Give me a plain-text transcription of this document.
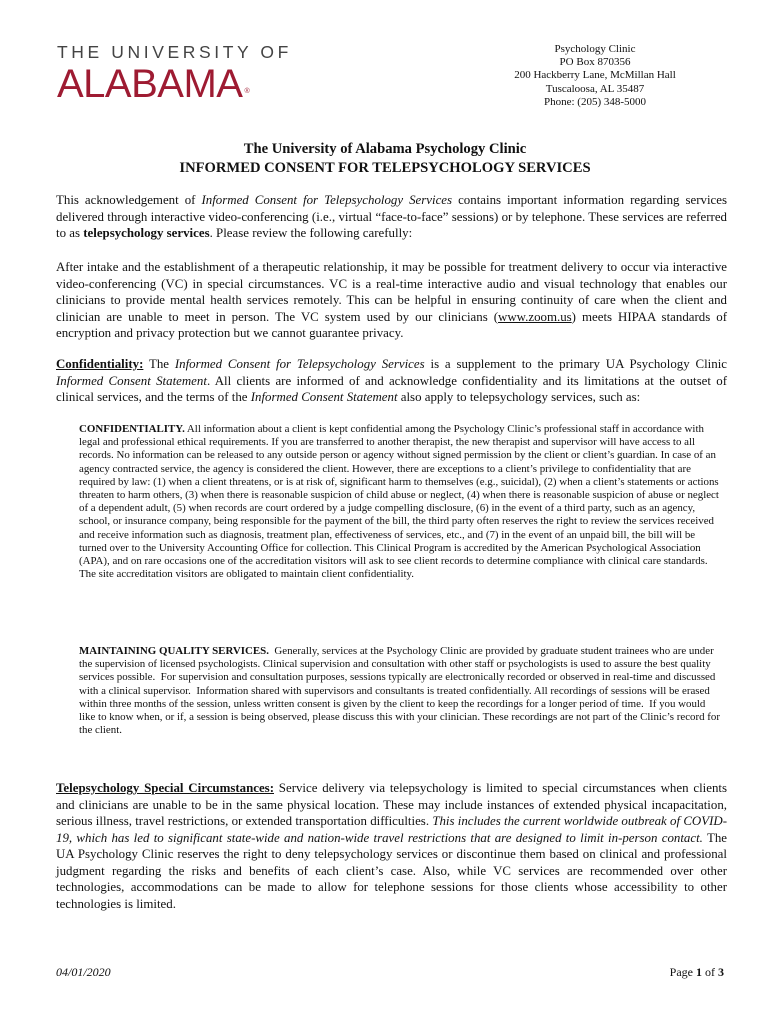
THE UNIVERSITY OF
ALABAMA ®
Psychology Clinic
PO Box 870356
200 Hackberry Lane, McMillan Hall
Tuscaloosa, AL 35487
Phone: (205) 348-5000
The University of Alabama Psychology Clinic
INFORMED CONSENT FOR TELEPSYCHOLOGY SERVICES
This acknowledgement of Informed Consent for Telepsychology Services contains important information regarding services delivered through interactive video-conferencing (i.e., virtual “face-to-face” sessions) or by telephone. These services are referred to as telepsychology services. Please review the following carefully:
After intake and the establishment of a therapeutic relationship, it may be possible for treatment delivery to occur via interactive video-conferencing (VC) in special circumstances. VC is a real-time interactive audio and visual technology that enables our clinicians to provide mental health services remotely. This can be helpful in ensuring continuity of care when the client and clinician are unable to meet in person. The VC system used by our clinicians (www.zoom.us) meets HIPAA standards of encryption and privacy protection but we cannot guarantee privacy.
Confidentiality: The Informed Consent for Telepsychology Services is a supplement to the primary UA Psychology Clinic Informed Consent Statement. All clients are informed of and acknowledge confidentiality and its limitations at the outset of clinical services, and the terms of the Informed Consent Statement also apply to telepsychology services, such as:
CONFIDENTIALITY. All information about a client is kept confidential among the Psychology Clinic’s professional staff in accordance with legal and professional ethical requirements. If you are transferred to another therapist, the new therapist and supervisor will have access to all records. No information can be released to any outside person or agency without signed permission by the client or client’s guardian. In case of an agency contracted service, the agency is considered the client. However, there are exceptions to a client’s privilege to confidentiality that are required by law: (1) when a client threatens, or is at risk of, significant harm to themselves (e.g., suicidal), (2) when a client’s statements or actions threaten to harm others, (3) when there is reasonable suspicion of child abuse or neglect, (4) when there is reasonable suspicion of abuse or neglect of a dependent adult, (5) when records are court ordered by a judge compelling disclosure, (6) in the event of a third party, such as an agency, school, or insurance company, being responsible for the payment of the bill, the third party often reserves the right to review the services received and receive information such as diagnosis, treatment plan, effectiveness of services, etc., and (7) in the event of an unpaid bill, the bill will be turned over to the University Accounting Office for collection. This Clinical Program is accredited by the American Psychological Association (APA), and on rare occasions one of the accreditation visitors will ask to see client records to determine compliance with clinical care standards. The site accreditation visitors are obligated to maintain client confidentiality.
MAINTAINING QUALITY SERVICES.  Generally, services at the Psychology Clinic are provided by graduate student trainees who are under the supervision of licensed psychologists. Clinical supervision and consultation with other staff or psychologists is used to assure the best quality services possible.  For supervision and consultation purposes, sessions typically are electronically recorded or observed in real-time and discussed with a clinical supervisor.  Information shared with supervisors and consultants is treated confidentially. All recordings of sessions will be erased within three months of the session, unless written consent is given by the client to keep the recordings for a longer period of time.  If you would like to know when, or if, a session is being observed, please discuss this with your clinician. These recordings are not part of the Clinic’s record for the client.
Telepsychology Special Circumstances: Service delivery via telepsychology is limited to special circumstances when clients and clinicians are unable to be in the same physical location. These may include instances of extended physical incapacitation, serious illness, travel restrictions, or extended transportation difficulties. This includes the current worldwide outbreak of COVID-19, which has led to significant state-wide and nation-wide travel restrictions that are designed to limit in-person contact. The UA Psychology Clinic reserves the right to deny telepsychology services or discontinue them based on clinical and professional judgment regarding the risks and benefits of each client’s case. Also, while VC services are recommended over other technologies, accommodations can be made to allow for telephone sessions for those clients whose accessibility to other technologies is limited.
04/01/2020	Page 1 of 3
